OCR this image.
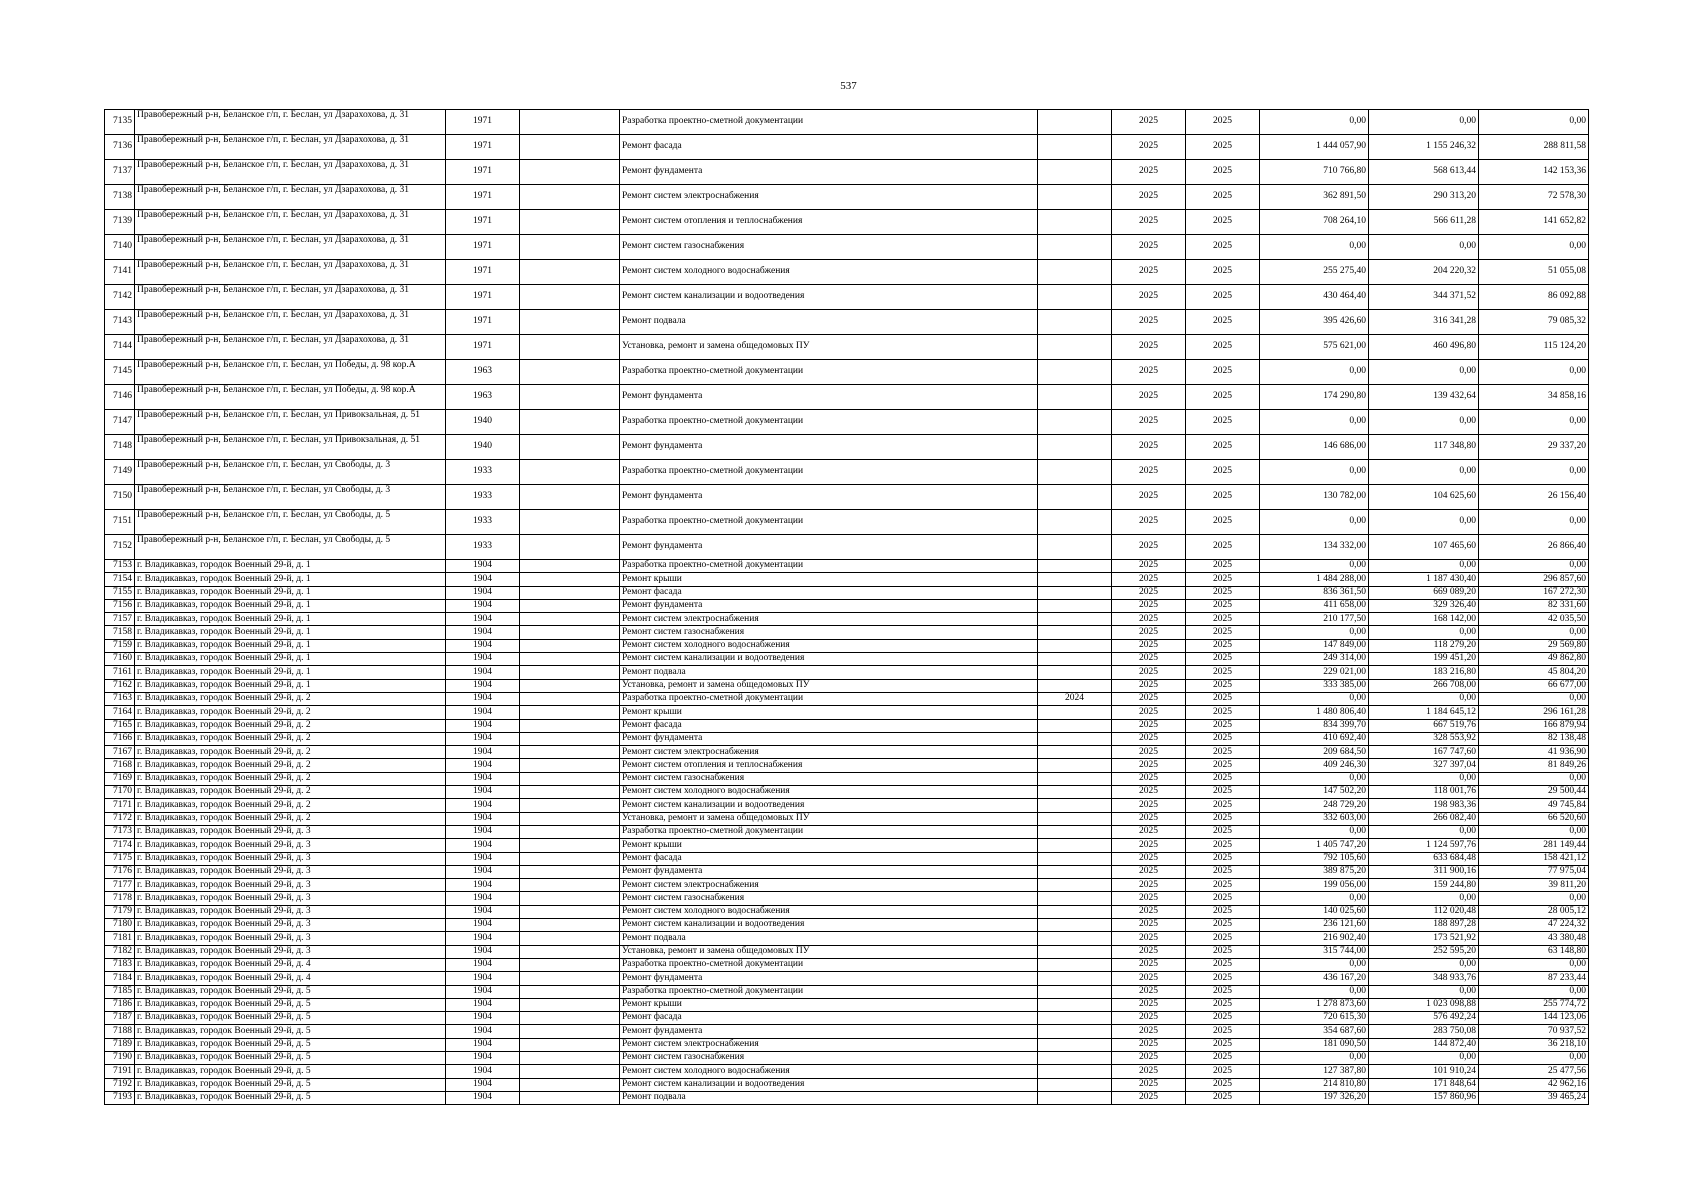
537
7135	Правобережный р-н, Беланское г/п, г. Беслан, ул Дзарахохова, д. 31	1971		Разработка проектно-сметной документации		2025	2025	0,00	0,00	0,00
7136	Правобережный р-н, Беланское г/п, г. Беслан, ул Дзарахохова, д. 31	1971		Ремонт фасада		2025	2025	1 444 057,90	1 155 246,32	288 811,58
7137	Правобережный р-н, Беланское г/п, г. Беслан, ул Дзарахохова, д. 31	1971		Ремонт фундамента		2025	2025	710 766,80	568 613,44	142 153,36
7138	Правобережный р-н, Беланское г/п, г. Беслан, ул Дзарахохова, д. 31	1971		Ремонт систем электроснабжения		2025	2025	362 891,50	290 313,20	72 578,30
7139	Правобережный р-н, Беланское г/п, г. Беслан, ул Дзарахохова, д. 31	1971		Ремонт систем отопления и теплоснабжения		2025	2025	708 264,10	566 611,28	141 652,82
7140	Правобережный р-н, Беланское г/п, г. Беслан, ул Дзарахохова, д. 31	1971		Ремонт систем газоснабжения		2025	2025	0,00	0,00	0,00
7141	Правобережный р-н, Беланское г/п, г. Беслан, ул Дзарахохова, д. 31	1971		Ремонт систем холодного водоснабжения		2025	2025	255 275,40	204 220,32	51 055,08
7142	Правобережный р-н, Беланское г/п, г. Беслан, ул Дзарахохова, д. 31	1971		Ремонт систем канализации и водоотведения		2025	2025	430 464,40	344 371,52	86 092,88
7143	Правобережный р-н, Беланское г/п, г. Беслан, ул Дзарахохова, д. 31	1971		Ремонт подвала		2025	2025	395 426,60	316 341,28	79 085,32
7144	Правобережный р-н, Беланское г/п, г. Беслан, ул Дзарахохова, д. 31	1971		Установка, ремонт и замена общедомовых ПУ		2025	2025	575 621,00	460 496,80	115 124,20
7145	Правобережный р-н, Беланское г/п, г. Беслан, ул Победы, д. 98 кор.А	1963		Разработка проектно-сметной документации		2025	2025	0,00	0,00	0,00
7146	Правобережный р-н, Беланское г/п, г. Беслан, ул Победы, д. 98 кор.А	1963		Ремонт фундамента		2025	2025	174 290,80	139 432,64	34 858,16
7147	Правобережный р-н, Беланское г/п, г. Беслан, ул Привокзальная, д. 51	1940		Разработка проектно-сметной документации		2025	2025	0,00	0,00	0,00
7148	Правобережный р-н, Беланское г/п, г. Беслан, ул Привокзальная, д. 51	1940		Ремонт фундамента		2025	2025	146 686,00	117 348,80	29 337,20
7149	Правобережный р-н, Беланское г/п, г. Беслан, ул Свободы, д. 3	1933		Разработка проектно-сметной документации		2025	2025	0,00	0,00	0,00
7150	Правобережный р-н, Беланское г/п, г. Беслан, ул Свободы, д. 3	1933		Ремонт фундамента		2025	2025	130 782,00	104 625,60	26 156,40
7151	Правобережный р-н, Беланское г/п, г. Беслан, ул Свободы, д. 5	1933		Разработка проектно-сметной документации		2025	2025	0,00	0,00	0,00
7152	Правобережный р-н, Беланское г/п, г. Беслан, ул Свободы, д. 5	1933		Ремонт фундамента		2025	2025	134 332,00	107 465,60	26 866,40
7153	г. Владикавказ, городок Военный 29-й, д. 1	1904		Разработка проектно-сметной документации		2025	2025	0,00	0,00	0,00
7154	г. Владикавказ, городок Военный 29-й, д. 1	1904		Ремонт крыши		2025	2025	1 484 288,00	1 187 430,40	296 857,60
7155	г. Владикавказ, городок Военный 29-й, д. 1	1904		Ремонт фасада		2025	2025	836 361,50	669 089,20	167 272,30
7156	г. Владикавказ, городок Военный 29-й, д. 1	1904		Ремонт фундамента		2025	2025	411 658,00	329 326,40	82 331,60
7157	г. Владикавказ, городок Военный 29-й, д. 1	1904		Ремонт систем электроснабжения		2025	2025	210 177,50	168 142,00	42 035,50
7158	г. Владикавказ, городок Военный 29-й, д. 1	1904		Ремонт систем газоснабжения		2025	2025	0,00	0,00	0,00
7159	г. Владикавказ, городок Военный 29-й, д. 1	1904		Ремонт систем холодного водоснабжения		2025	2025	147 849,00	118 279,20	29 569,80
7160	г. Владикавказ, городок Военный 29-й, д. 1	1904		Ремонт систем канализации и водоотведения		2025	2025	249 314,00	199 451,20	49 862,80
7161	г. Владикавказ, городок Военный 29-й, д. 1	1904		Ремонт подвала		2025	2025	229 021,00	183 216,80	45 804,20
7162	г. Владикавказ, городок Военный 29-й, д. 1	1904		Установка, ремонт и замена общедомовых ПУ		2025	2025	333 385,00	266 708,00	66 677,00
7163	г. Владикавказ, городок Военный 29-й, д. 2	1904		Разработка проектно-сметной документации	2024	2025	2025	0,00	0,00	0,00
7164	г. Владикавказ, городок Военный 29-й, д. 2	1904		Ремонт крыши		2025	2025	1 480 806,40	1 184 645,12	296 161,28
7165	г. Владикавказ, городок Военный 29-й, д. 2	1904		Ремонт фасада		2025	2025	834 399,70	667 519,76	166 879,94
7166	г. Владикавказ, городок Военный 29-й, д. 2	1904		Ремонт фундамента		2025	2025	410 692,40	328 553,92	82 138,48
7167	г. Владикавказ, городок Военный 29-й, д. 2	1904		Ремонт систем электроснабжения		2025	2025	209 684,50	167 747,60	41 936,90
7168	г. Владикавказ, городок Военный 29-й, д. 2	1904		Ремонт систем отопления и теплоснабжения		2025	2025	409 246,30	327 397,04	81 849,26
7169	г. Владикавказ, городок Военный 29-й, д. 2	1904		Ремонт систем газоснабжения		2025	2025	0,00	0,00	0,00
7170	г. Владикавказ, городок Военный 29-й, д. 2	1904		Ремонт систем холодного водоснабжения		2025	2025	147 502,20	118 001,76	29 500,44
7171	г. Владикавказ, городок Военный 29-й, д. 2	1904		Ремонт систем канализации и водоотведения		2025	2025	248 729,20	198 983,36	49 745,84
7172	г. Владикавказ, городок Военный 29-й, д. 2	1904		Установка, ремонт и замена общедомовых ПУ		2025	2025	332 603,00	266 082,40	66 520,60
7173	г. Владикавказ, городок Военный 29-й, д. 3	1904		Разработка проектно-сметной документации		2025	2025	0,00	0,00	0,00
7174	г. Владикавказ, городок Военный 29-й, д. 3	1904		Ремонт крыши		2025	2025	1 405 747,20	1 124 597,76	281 149,44
7175	г. Владикавказ, городок Военный 29-й, д. 3	1904		Ремонт фасада		2025	2025	792 105,60	633 684,48	158 421,12
7176	г. Владикавказ, городок Военный 29-й, д. 3	1904		Ремонт фундамента		2025	2025	389 875,20	311 900,16	77 975,04
7177	г. Владикавказ, городок Военный 29-й, д. 3	1904		Ремонт систем электроснабжения		2025	2025	199 056,00	159 244,80	39 811,20
7178	г. Владикавказ, городок Военный 29-й, д. 3	1904		Ремонт систем газоснабжения		2025	2025	0,00	0,00	0,00
7179	г. Владикавказ, городок Военный 29-й, д. 3	1904		Ремонт систем холодного водоснабжения		2025	2025	140 025,60	112 020,48	28 005,12
7180	г. Владикавказ, городок Военный 29-й, д. 3	1904		Ремонт систем канализации и водоотведения		2025	2025	236 121,60	188 897,28	47 224,32
7181	г. Владикавказ, городок Военный 29-й, д. 3	1904		Ремонт подвала		2025	2025	216 902,40	173 521,92	43 380,48
7182	г. Владикавказ, городок Военный 29-й, д. 3	1904		Установка, ремонт и замена общедомовых ПУ		2025	2025	315 744,00	252 595,20	63 148,80
7183	г. Владикавказ, городок Военный 29-й, д. 4	1904		Разработка проектно-сметной документации		2025	2025	0,00	0,00	0,00
7184	г. Владикавказ, городок Военный 29-й, д. 4	1904		Ремонт фундамента		2025	2025	436 167,20	348 933,76	87 233,44
7185	г. Владикавказ, городок Военный 29-й, д. 5	1904		Разработка проектно-сметной документации		2025	2025	0,00	0,00	0,00
7186	г. Владикавказ, городок Военный 29-й, д. 5	1904		Ремонт крыши		2025	2025	1 278 873,60	1 023 098,88	255 774,72
7187	г. Владикавказ, городок Военный 29-й, д. 5	1904		Ремонт фасада		2025	2025	720 615,30	576 492,24	144 123,06
7188	г. Владикавказ, городок Военный 29-й, д. 5	1904		Ремонт фундамента		2025	2025	354 687,60	283 750,08	70 937,52
7189	г. Владикавказ, городок Военный 29-й, д. 5	1904		Ремонт систем электроснабжения		2025	2025	181 090,50	144 872,40	36 218,10
7190	г. Владикавказ, городок Военный 29-й, д. 5	1904		Ремонт систем газоснабжения		2025	2025	0,00	0,00	0,00
7191	г. Владикавказ, городок Военный 29-й, д. 5	1904		Ремонт систем холодного водоснабжения		2025	2025	127 387,80	101 910,24	25 477,56
7192	г. Владикавказ, городок Военный 29-й, д. 5	1904		Ремонт систем канализации и водоотведения		2025	2025	214 810,80	171 848,64	42 962,16
7193	г. Владикавказ, городок Военный 29-й, д. 5	1904		Ремонт подвала		2025	2025	197 326,20	157 860,96	39 465,24
